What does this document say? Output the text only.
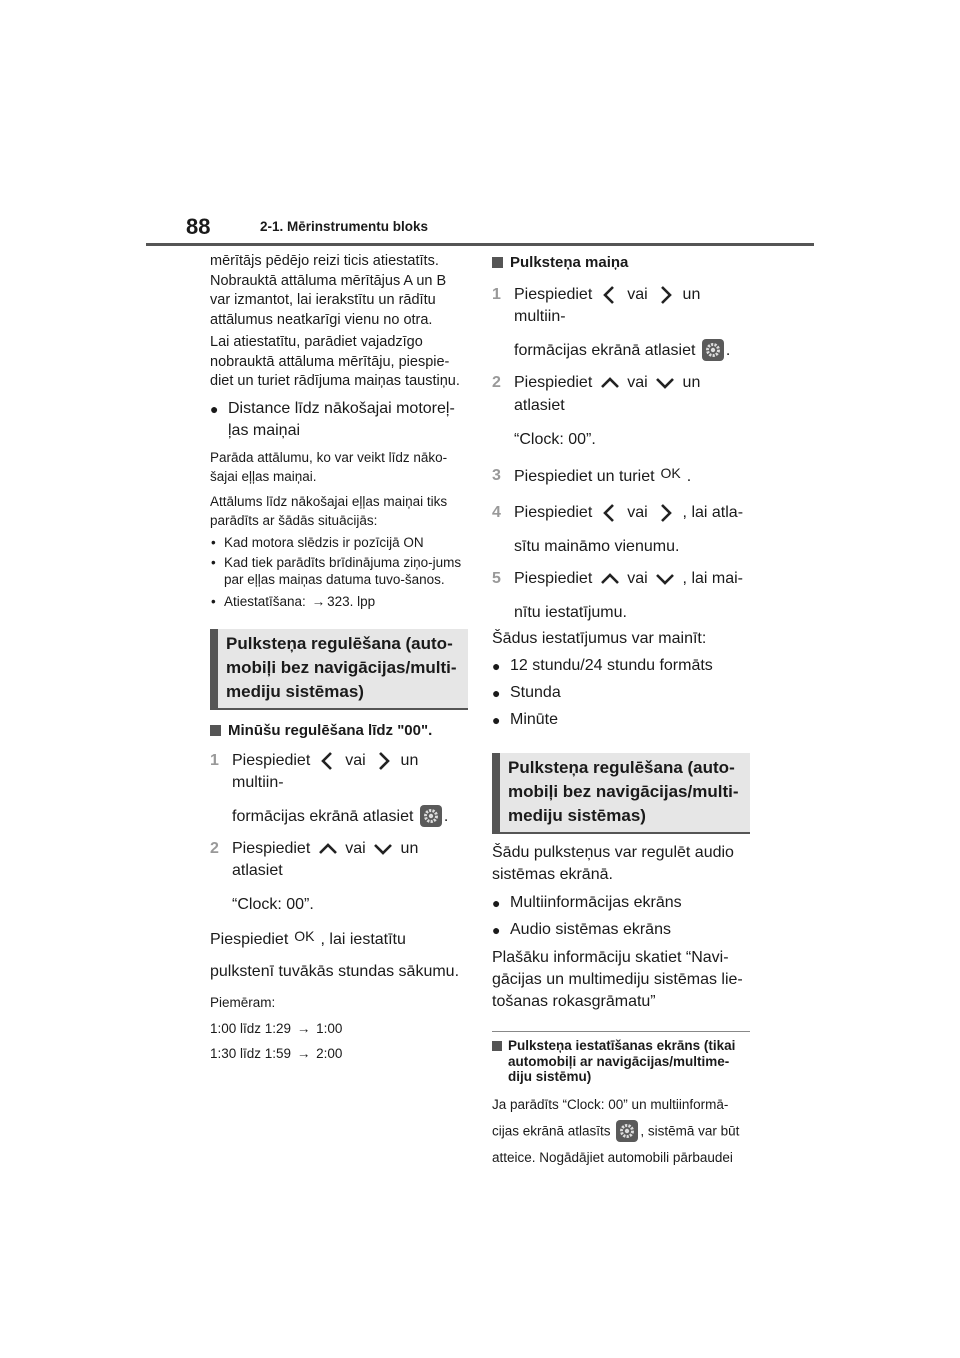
88	2-1. Mērinstrumentu bloks

mērītājs pēdējo reizi ticis atiestatīts. Nobrauktā attāluma mērītājus A un B var izmantot, lai ierakstītu un rādītu attālumus neatkarīgi vienu no otra.

Lai atiestatītu, parādiet vajadzīgo nobrauktā attāluma mērītāju, piespie-diet un turiet rādījuma maiņas taustiņu.

● Distance līdz nākošajai motoreļ-ļas maiņai

Parāda attālumu, ko var veikt līdz nāko-šajai eļļas maiņai.

Attālums līdz nākošajai eļļas maiņai tiks parādīts ar šādās situācijās:

• Kad motora slēdzis ir pozīcijā ON

• Kad tiek parādīts brīdinājuma ziņo-jums par eļļas maiņas datuma tuvo-šanos.

• Atiestatīšana: → 323. lpp

Pulksteņa regulēšana (auto-mobiļi bez navigācijas/multi-mediju sistēmas)

Minūšu regulēšana līdz "00".

1 Piespiediet vai un multiin-
formācijas ekrānā atlasiet .
2 Piespiediet vai un atlasiet
“Clock: 00”.

Piespiediet OK , lai iestatītu

pulkstenī tuvākās stundas sākumu.

Piemēram:

1:00 līdz 1:29 → 1:00

1:30 līdz 1:59 → 2:00

Pulksteņa maiņa

1 Piespiediet vai un multiin-
formācijas ekrānā atlasiet .
2 Piespiediet vai un atlasiet
“Clock: 00”.
3 Piespiediet un turiet OK .
4 Piespiediet vai , lai atla-
sītu maināmo vienumu.
5 Piespiediet vai , lai mai-
nītu iestatījumu.

Šādus iestatījumus var mainīt:

● 12 stundu/24 stundu formāts

● Stunda

● Minūte

Pulksteņa regulēšana (auto-mobiļi bez navigācijas/multi-mediju sistēmas)

Šādu pulksteņus var regulēt audio sistēmas ekrānā.

● Multiinformācijas ekrāns

● Audio sistēmas ekrāns

Plašāku informāciju skatiet “Navi-gācijas un multimediju sistēmas lie-tošanas rokasgrāmatu”

Pulksteņa iestatīšanas ekrāns (tikai automobiļi ar navigācijas/multime-diju sistēmu)

Ja parādīts “Clock: 00” un multiinformā-

cijas ekrānā atlasīts , sistēmā var būt

atteice. Nogādājiet automobili pārbaudei
